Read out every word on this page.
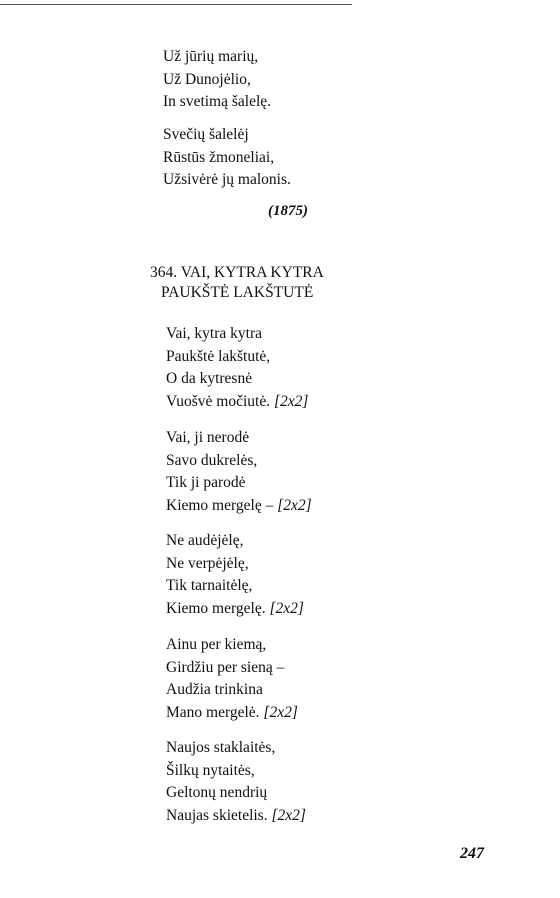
Už jūrių marių,
Už Dunojėlio,
In svetimą šalelę.
Svečių šalelėj
Rūstūs žmoneliai,
Užsivėrė jų malonis.
(1875)
364. VAI, KYTRA KYTRA
PAUKŠTĖ LAKŠTUTĖ
Vai, kytra kytra
Paukštė lakštutė,
O da kytresnė
Vuošvė močiutė. [2x2]
Vai, ji nerodė
Savo dukrelės,
Tik ji parodė
Kiemo mergelę – [2x2]
Ne audėjėlę,
Ne verpėjėlę,
Tik tarnaitėlę,
Kiemo mergelę. [2x2]
Ainu per kiemą,
Girdžiu per sieną –
Audžia trinkina
Mano mergelė. [2x2]
Naujos staklaitės,
Šilkų nytaitės,
Geltonų nendrių
Naujas skietelis. [2x2]
247
